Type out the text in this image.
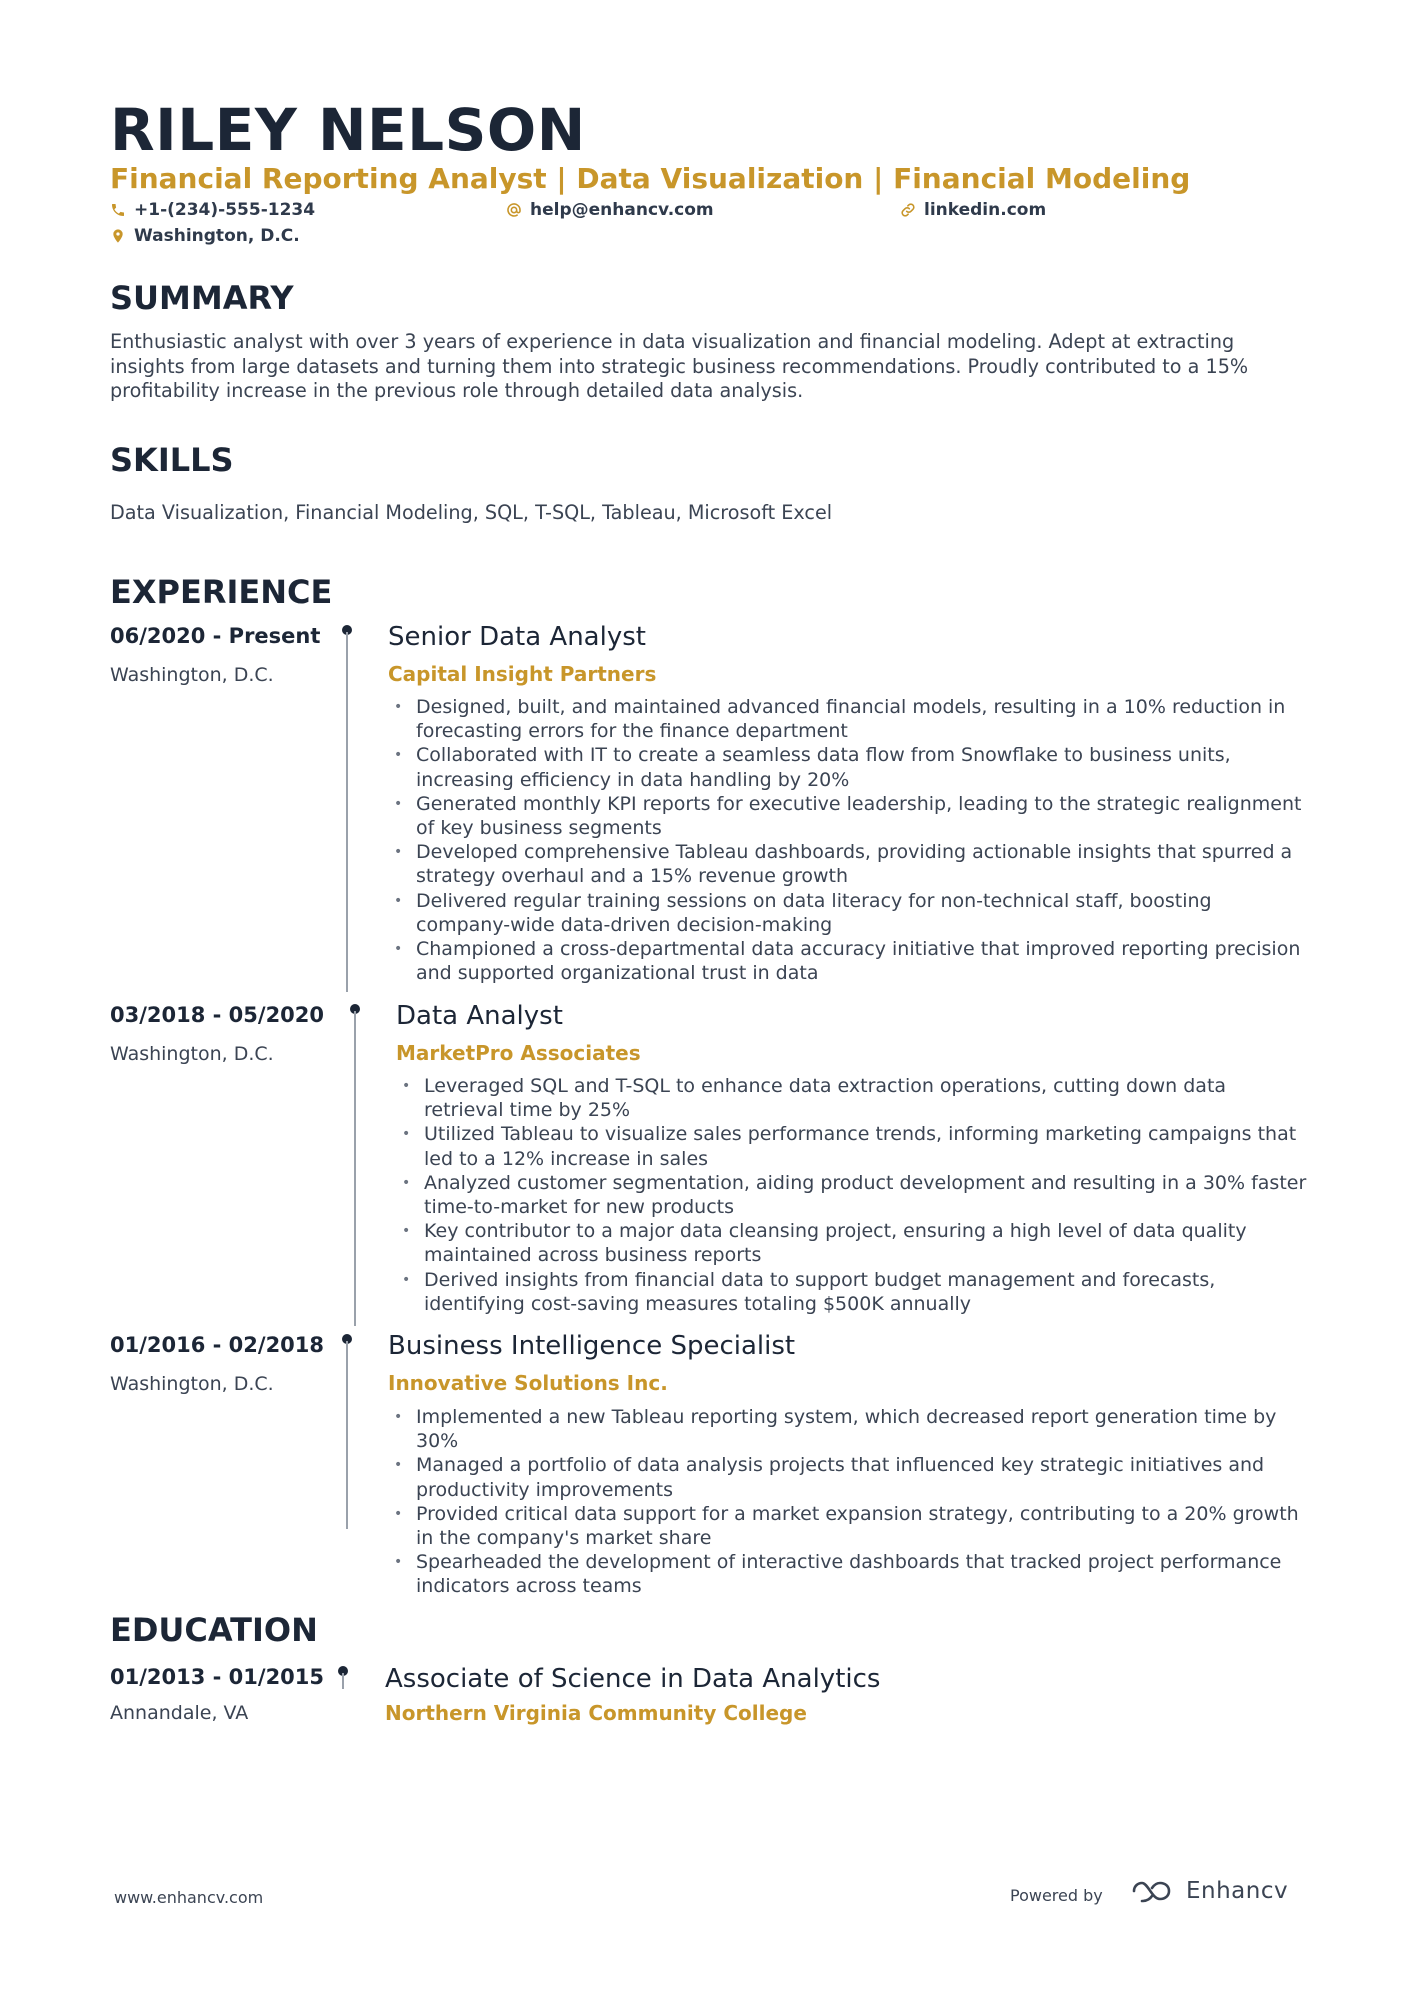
RILEY NELSON
Financial Reporting Analyst | Data Visualization | Financial Modeling
+1-(234)-555-1234	help@enhancv.com	linkedin.com
Washington, D.C.
SUMMARY
Enthusiastic analyst with over 3 years of experience in data visualization and financial modeling. Adept at extracting insights from large datasets and turning them into strategic business recommendations. Proudly contributed to a 15% profitability increase in the previous role through detailed data analysis.
SKILLS
Data Visualization, Financial Modeling, SQL, T-SQL, Tableau, Microsoft Excel
EXPERIENCE
06/2020 - Present
Washington, D.C.
Senior Data Analyst
Capital Insight Partners
• Designed, built, and maintained advanced financial models, resulting in a 10% reduction in forecasting errors for the finance department
• Collaborated with IT to create a seamless data flow from Snowflake to business units, increasing efficiency in data handling by 20%
• Generated monthly KPI reports for executive leadership, leading to the strategic realignment of key business segments
• Developed comprehensive Tableau dashboards, providing actionable insights that spurred a strategy overhaul and a 15% revenue growth
• Delivered regular training sessions on data literacy for non-technical staff, boosting company-wide data-driven decision-making
• Championed a cross-departmental data accuracy initiative that improved reporting precision and supported organizational trust in data
03/2018 - 05/2020
Washington, D.C.
Data Analyst
MarketPro Associates
• Leveraged SQL and T-SQL to enhance data extraction operations, cutting down data retrieval time by 25%
• Utilized Tableau to visualize sales performance trends, informing marketing campaigns that led to a 12% increase in sales
• Analyzed customer segmentation, aiding product development and resulting in a 30% faster time-to-market for new products
• Key contributor to a major data cleansing project, ensuring a high level of data quality maintained across business reports
• Derived insights from financial data to support budget management and forecasts, identifying cost-saving measures totaling $500K annually
01/2016 - 02/2018
Washington, D.C.
Business Intelligence Specialist
Innovative Solutions Inc.
• Implemented a new Tableau reporting system, which decreased report generation time by 30%
• Managed a portfolio of data analysis projects that influenced key strategic initiatives and productivity improvements
• Provided critical data support for a market expansion strategy, contributing to a 20% growth in the company's market share
• Spearheaded the development of interactive dashboards that tracked project performance indicators across teams
EDUCATION
01/2013 - 01/2015
Annandale, VA
Associate of Science in Data Analytics
Northern Virginia Community College
www.enhancv.com	Powered by	Enhancv
